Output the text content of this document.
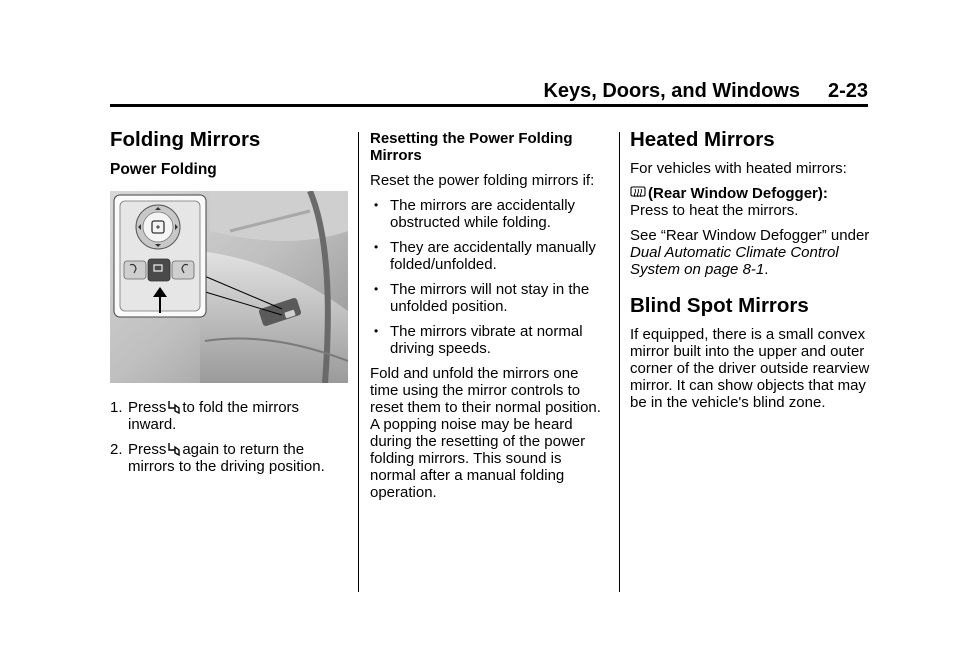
Keys, Doors, and Windows 2-23
Folding Mirrors
Power Folding
1. Press to fold the mirrors inward.
2. Press again to return the mirrors to the driving position.
Resetting the Power Folding Mirrors

Reset the power folding mirrors if:

• The mirrors are accidentally obstructed while folding.
• They are accidentally manually folded/unfolded.
• The mirrors will not stay in the unfolded position.
• The mirrors vibrate at normal driving speeds.

Fold and unfold the mirrors one time using the mirror controls to reset them to their normal position.

A popping noise may be heard during the resetting of the power folding mirrors. This sound is normal after a manual folding operation.

Heated Mirrors

For vehicles with heated mirrors:

(Rear Window Defogger):
Press to heat the mirrors.

See “Rear Window Defogger” under Dual Automatic Climate Control System on page 8-1.

Blind Spot Mirrors

If equipped, there is a small convex mirror built into the upper and outer corner of the driver outside rearview mirror. It can show objects that may be in the vehicle's blind zone.
